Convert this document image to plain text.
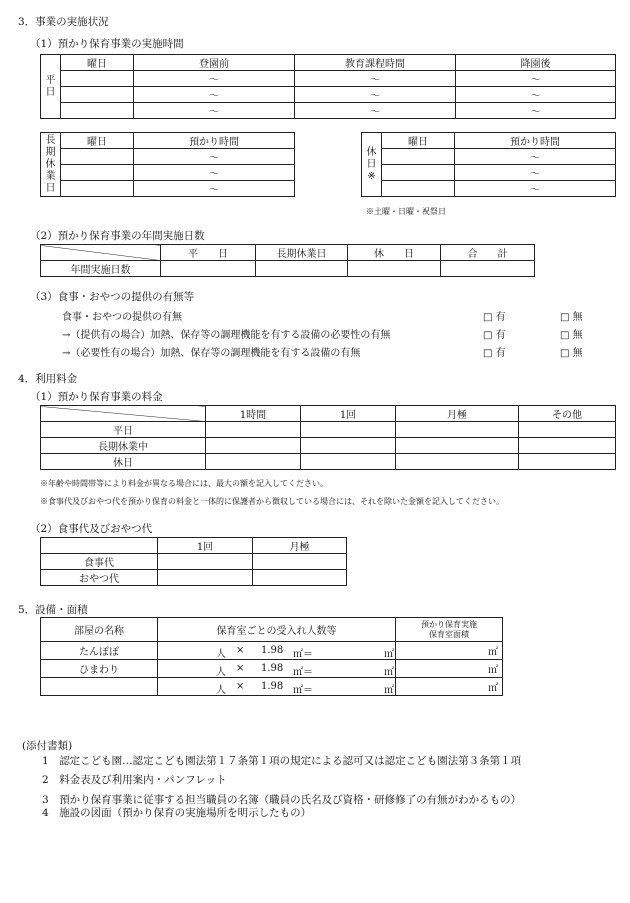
3．事業の実施状況
（1）預かり保育事業の実施時間
平
日	曜日	登園前	教育課程時間	降園後
		～	～	～
		～	～	～
		～	～	～
長
期
休
業
日	曜日	預かり時間
		～
		～
		～
休
日
※	曜日	預かり時間
		～
		～
		～
※土曜・日曜・祝祭日
（2）預かり保育事業の年間実施日数
	平　　日	長期休業日	休　　日	合　　計
年間実施日数				
（3）食事・おやつの提供の有無等
食事・おやつの提供の有無	□ 有	□ 無
→（提供有の場合）加熱、保存等の調理機能を有する設備の必要性の有無	□ 有	□ 無
→（必要性有の場合）加熱、保存等の調理機能を有する設備の有無	□ 有	□ 無
4．利用料金
（1）預かり保育事業の料金
	1時間	1回	月極	その他
平日				
長期休業中				
休日				
※年齢や時間帯等により料金が異なる場合には、最大の額を記入してください。
※食事代及びおやつ代を預かり保育の料金と一体的に保護者から徴収している場合には、それを除いた金額を記入してください。
（2）食事代及びおやつ代
	1回	月極
食事代		
おやつ代		
5．設備・面積
部屋の名称	保育室ごとの受入れ人数等	預かり保育実施
保育室面積
たんぽぽ	人 × 1.98 ㎡＝ ㎡	㎡
ひまわり	人 × 1.98 ㎡＝ ㎡	㎡

	人 × 1.98 ㎡＝ ㎡	㎡
(添付書類)
1　 認定こども園…認定こども園法第１７条第１項の規定による認可又は認定こども園法第３条第１項
2　 料金表及び利用案内・パンフレット
3　 預かり保育事業に従事する担当職員の名簿（職員の氏名及び資格・研修修了の有無がわかるもの）
4　 施設の図面（預かり保育の実施場所を明示したもの）
